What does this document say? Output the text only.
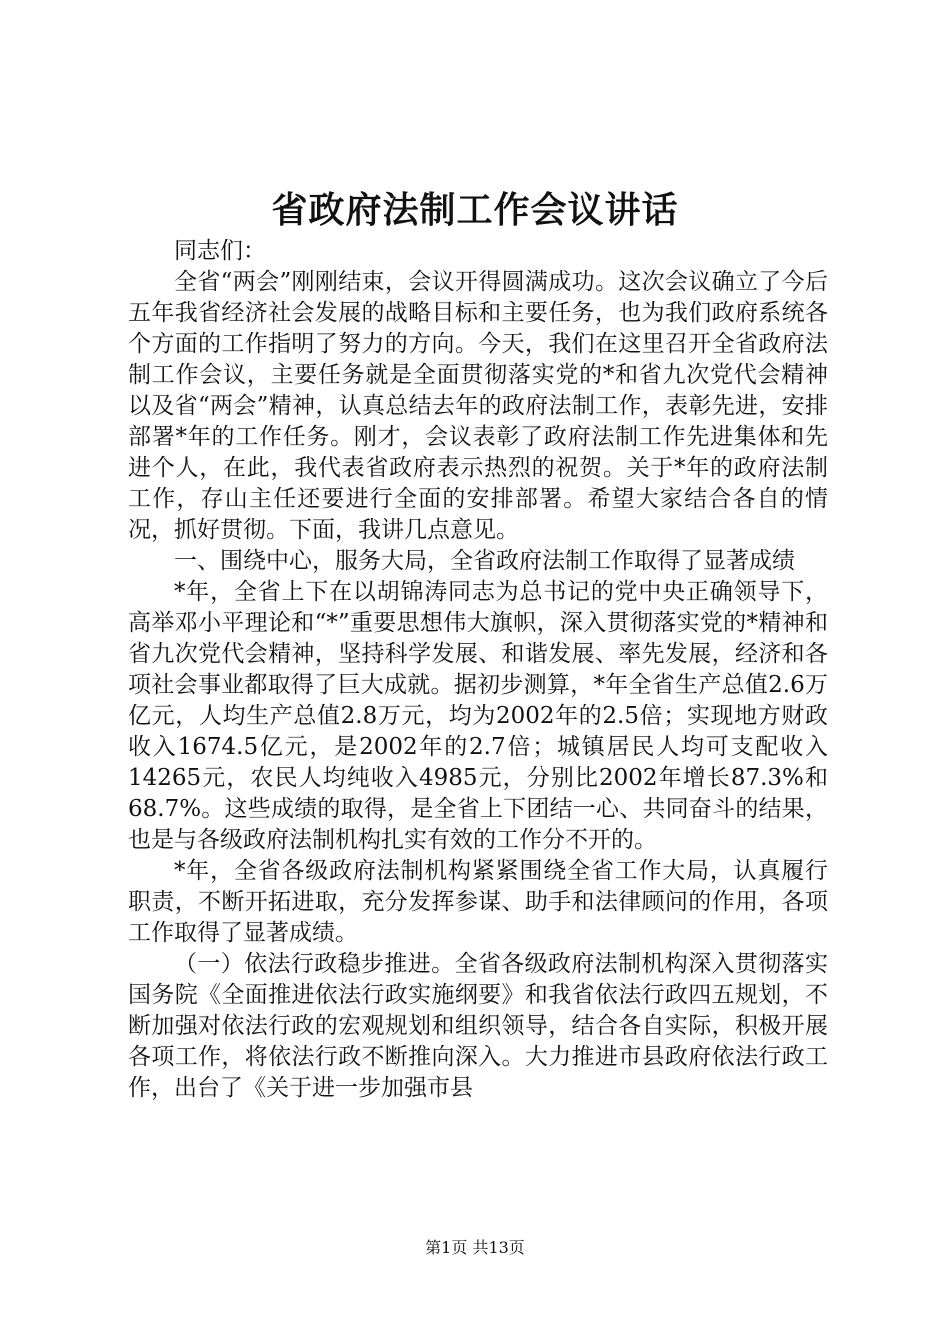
省政府法制工作会议讲话

同志们：

全省“两会”刚刚结束，会议开得圆满成功。这次会议确立了今后五年我省经济社会发展的战略目标和主要任务，也为我们政府系统各个方面的工作指明了努力的方向。今天，我们在这里召开全省政府法制工作会议，主要任务就是全面贯彻落实党的*和省九次党代会精神以及省“两会”精神，认真总结去年的政府法制工作，表彰先进，安排部署*年的工作任务。刚才，会议表彰了政府法制工作先进集体和先进个人，在此，我代表省政府表示热烈的祝贺。关于*年的政府法制工作，存山主任还要进行全面的安排部署。希望大家结合各自的情况，抓好贯彻。下面，我讲几点意见。

一、围绕中心，服务大局，全省政府法制工作取得了显著成绩

*年，全省上下在以胡锦涛同志为总书记的党中央正确领导下，高举邓小平理论和“*”重要思想伟大旗帜，深入贯彻落实党的*精神和省九次党代会精神，坚持科学发展、和谐发展、率先发展，经济和各项社会事业都取得了巨大成就。据初步测算，*年全省生产总值2.6万亿元，人均生产总值2.8万元，均为2002年的2.5倍；实现地方财政收入1674.5亿元，是2002年的2.7倍；城镇居民人均可支配收入14265元，农民人均纯收入4985元，分别比2002年增长87.3%和68.7%。这些成绩的取得，是全省上下团结一心、共同奋斗的结果，也是与各级政府法制机构扎实有效的工作分不开的。

*年，全省各级政府法制机构紧紧围绕全省工作大局，认真履行职责，不断开拓进取，充分发挥参谋、助手和法律顾问的作用，各项工作取得了显著成绩。

（一）依法行政稳步推进。全省各级政府法制机构深入贯彻落实国务院《全面推进依法行政实施纲要》和我省依法行政四五规划，不断加强对依法行政的宏观规划和组织领导，结合各自实际，积极开展各项工作，将依法行政不断推向深入。大力推进市县政府依法行政工作，出台了《关于进一步加强市县

第1页 共13页
